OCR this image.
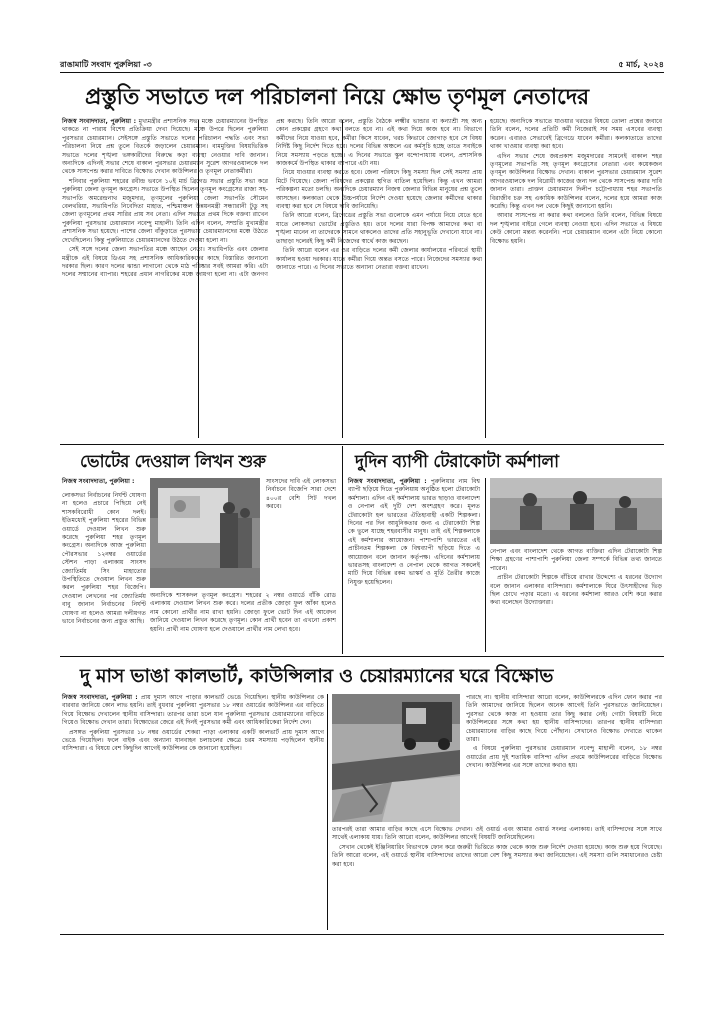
রাঙামাটি সংবাদ পুরুলিয়া -৩	৫ মার্চ, ২০২৪
প্রস্তুতি সভাতে দল পরিচালনা নিয়ে ক্ষোভ তৃণমূল নেতাদের

নিজস্ব সংবাদদাতা, পুরুলিয়া : মুখ্যমন্ত্রীর প্রশাসনিক সভা মঞ্চে চেয়ারম্যানের উপস্থিত থাকতে না পারায় বিশেষ প্রতিক্রিয়া দেখা দিয়েছে। মঞ্চে উপরে ছিলেন পুরুলিয়া পুরসভার চেয়ারম্যান। সেইসঙ্গে প্রস্তুতি সভাতে দলের পরিচালন পদ্ধতি এবং সভা পরিচালনা নিয়ে প্রশ্ন তুলে বিতর্কে জড়ালেন চেয়ারম্যান। বামমুক্তির বিষয়ভিত্তিক সভাতে দলের শৃঙ্খলা ভঙ্গকারীদের বিরুদ্ধে কড়া ব্যবস্থা নেওয়ার দাবি জানান। অন্যদিকে এদিনই সভার শেষে বাকাল পুরসভার চেয়ারম্যান সুরেশ আগরওয়ালকে দল থেকে সাসপেন্ড করার দাবিতে বিক্ষোভ দেখান কাউন্সিলর ও তৃণমূল নেতাকর্মীরা।

শনিবার পুরুলিয়া শহরের রবীন্দ্র ভবনে ১০ই মার্চ ব্রিগেড সভার প্রস্তুতি সভা করে পুরুলিয়া জেলা তৃণমূল কংগ্রেস। সভাতে উপস্থিত ছিলেন তৃণমূল কংগ্রেসের রাজ্য সহ-সভাপতি অমরেন্দ্রনাথ মজুমদার, তৃণমূলের পুরুলিয়া জেলা সভাপতি সৌমেন বেলথরিয়া, সভাধিপতি নিবেদিতা মাহাত, পশ্চিমাঞ্চল উন্নয়নমন্ত্রী সন্ধ্যারানী টুডু সহ জেলা তৃণমূলের প্রথম সারির প্রায় সব নেতা। এদিন সভাতে প্রথম দিকে বক্তব্য রাখেন পুরুলিয়া পুরসভার চেয়ারম্যান নবেন্দু মাহালী। তিনি এদিন বলেন, সম্প্রতি মুখ্যমন্ত্রীর প্রশাসনিক সভা হয়েছে। পাশের জেলা বাঁকুড়াতে পুরসভার চেয়ারম্যানদের মঞ্চে উঠতে দেখেছিলেন। কিন্তু পুরুলিয়াতে চেয়ারম্যানদের উঠতে দেওয়া হলো না।

সেই সঙ্গে দলের জেলা সভাপতির মঞ্চে আছেন নেতা। সভাধিপতি এবং জেলার মন্ত্রীকে এই বিষয়ে ডিএম সহ প্রশাসনিক আধিকারিকদের কাছে বিস্তারিত জানানো দরকার ছিল। কারণ দলের ঝান্ডা লাগানো থেকে মাঠ পরিষ্কার সবই আমরা করি। এটা দলের সম্মানের ব্যাপার। শহরের প্রধান নাগরিকের মঞ্চে জায়গা হলো না। এটা জনগণ প্রশ্ন করছে। তিনি আরো বলেন, প্রস্তুতি বৈঠকে লক্ষ্মীর ভান্ডার বা কন্যাশ্রী সহ অন্য কোন প্রকল্পের গ্রহণে কথা বলতে হবে না। এই কথা দিয়ে কাজ হবে না। বিভাগে কর্মীদের নিয়ে যাওয়া হবে, কর্মীরা কিসে যাবেন, খরচ কিভাবে জোগাড় হবে সে বিষয় নির্দিষ্ট কিছু নির্দেশ দিতে হবে। দলের বিভিন্ন অঞ্চলে এর কর্মসূচি হচ্ছে তাতে সবাইকে নিয়ে সমস্যায় পড়তে হচ্ছে। এ দিনের সভাতে স্কুল বন্দোপাধ্যায় বলেন, প্রশাসনিক কাজকর্মে উপস্থিত থাকার ব্যাপারে এটা নয়।

নিয়ে যাওয়ার ব্যবস্থা করতে হবে। জেলা পরিষদে কিছু সমস্যা ছিল সেই সমস্যা প্রায় মিটে গিয়েছে। জেলা পরিষদের প্রকল্পের স্থগিত বাতিল হয়েছিল। কিন্তু এখন আমরা পরিকল্পনা মতো চলছি। অন্যদিকে চেয়ারম্যান নিজস্ব জেলার বিভিন্ন মানুষের প্রশ্ন তুলে আসছেন। কলকাতা থেকে উচ্চপর্যায়ে নির্দেশ দেওয়া হয়েছে জেলার কর্মীদের থাকার ব্যবস্থা করা হবে সে বিষয়ে দাবি জানিয়েছি।

তিনি আরো বলেন, ব্রিগেডের প্রস্তুতি সভা গুলোকে এমন পর্যায়ে নিয়ে যেতে হবে যাতে লোকসভা ভোটের প্রস্তুতিও হয়। তবে দলের যারা বিপক্ষ আমাদের কথা বা শৃঙ্খলা মানেন না তাদেরকে সামনে থাকলেও তাদের প্রতি সহানুভূতি দেখানো যাবে না। তাছাড়া দলেরই কিছু কর্মী নিজেদের স্বার্থে কাজ করছেন।

তিনি আরো বলেন এর ওর বাড়িতে দলের কর্মী জেলার কার্যালয়ের পরিবর্তে স্থায়ী কার্যালয় হওয়া দরকার। যাতে কর্মীরা গিয়ে অন্তত বসতে পারে। নিজেদের সমস্যার কথা জানাতে পারে। এ দিনের সভাতে অন্যান্য নেতারা বক্তব্য রাখেন।

হয়েছে। অন্যদিকে সভাতে যাওয়ার খরচের বিষয়ে তোলা প্রশ্নের জবাবে তিনি বলেন, দলের প্রতিটি কর্মী নিজেরাই সব সময় এসবের ব্যবস্থা করেন। এবারও সেভাবেই ব্রিগেডে যাবেন কর্মীরা। কলকাতাতে তাদের থাকা খাওয়ার ব্যবস্থা করা হবে।

এদিন সভার শেষে জয়প্রকাশ মজুমদারের সামনেই বাকাল শহর তৃণমূলের সভাপতি সহ তৃণমূল কংগ্রেসের নেতারা এবং কয়েকজন তৃণমূল কাউন্সিলর বিক্ষোভ দেখান। বাকাল পুরসভার চেয়ারম্যান সুরেশ আগরওয়ালকে দল বিরোধী কাজের জন্য দল থেকে সাসপেন্ড করার দাবি জানান তারা। প্রাক্তন চেয়ারম্যান দিলীপ চট্টোপাধ্যায় শহর সভাপতি বিরাজীব চক্র সহ একাধিক কাউন্সিলর বলেন, দলের হয়ে আমরা কাজ করেছি। কিন্তু এখন দল থেকে কিছুই জানানো হয়নি।

আবার সাসপেন্ড না করার কথা বললেও তিনি বলেন, বিভিন্ন বিষয়ে দল শৃঙ্খলার বাইরে গেলে ব্যবস্থা নেওয়া হবে। এদিন সভাতে এ বিষয়ে কেউ কোনো মন্তব্য করেননি। পরে চেয়ারম্যান বলেন এটা নিয়ে কোনো বিক্ষোভ হয়নি।

ভোটের দেওয়াল লিখন শুরু

নিজস্ব সংবাদদাতা, পুরুলিয়া :

লোকসভা নির্বাচনের নির্ঘণ্ট ঘোষণা না হলেও প্রচারে পিছিয়ে নেই শাসকবিরোধী কোন দলই। ইতিমধ্যেই পুরুলিয়া শহরের বিভিন্ন ওয়ার্ডে দেওয়াল লিখন শুরু করেছে পুরুলিয়া শহর তৃণমূল কংগ্রেস। অন্যদিকে আজ পুরুলিয়া পৌরসভার ১২নম্বর ওয়ার্ডের স্টেশন পাড়া এলাকায় সাংসদ জ্যোতির্ময় সিং মাহাতোর উপস্থিতিতে দেওয়াল লিখন শুরু করল পুরুলিয়া শহর বিজেপি। দেওয়াল লেখনের পর জ্যোতির্ময় বাবু জানান নির্বাচনের নির্ঘণ্ট ঘোষণা না হলেও আমরা দলীয়গত ভাবে নির্বাচনের জন্য প্রস্তুত আছি।

সাংসদের দাবি এই লোকসভা নির্বাচনে বিজেপি সারা দেশে ৪০০র বেশি সিট দখল করবে।

অন্যদিকে শাসকদল তৃণমূল কংগ্রেস। শহরের ২ নম্বর ওয়ার্ডে বাঁকি রোড এলাকায় দেওয়াল লিখন শুরু করে। দলের প্রতীক জোড়া ফুল আঁকা হলেও নাম কোনো প্রার্থীর নাম রাখা হয়নি। জোড়া ফুলে ভোট দিন এই আবেদন জানিয়ে দেওয়াল লিখন করেছে তৃণমূল। কোন প্রার্থী হবেন তা এখনো প্রকাশ হয়নি। প্রার্থী নাম ঘোষণা হলে দেওয়ালে প্রার্থীর নাম লেখা হবে।

দুদিন ব্যাপী টেরাকোটা কর্মশালা

নিজস্ব সংবাদদাতা, পুরুলিয়া : পুরুলিয়ার নাম বিশ্ব ব্যাপী ছড়িয়ে দিতে পুরুলিয়ায় অনুষ্ঠিত হলো টেরাকোটা কর্মশালা। এদিন এই কর্মশালায় ভারত ছাড়াও বাংলাদেশ ও নেপাল এই দুটি দেশ অংশগ্রহণ করে। মূলত টেরাকোটা হল ভারতের ঐতিহ্যবাহী একটি শিল্পকলা। দিনের পর দিন আধুনিকতার জন্য এ টেরাকোটা শিল্প কে ভুলে যাচ্ছে শহরবাসীর মানুষ। তাই এই শিল্পকলাকে এই কর্মশালার আয়োজন। পাশাপাশি ভারতের এই প্রাচীনতম শিল্পকলা কে বিশ্বব্যাপী ছড়িয়ে দিতে এ আয়োজন বলে জানান কর্তৃপক্ষ। এদিনের কর্মশালায় ভারতসহ বাংলাদেশ ও নেপাল থেকে আগত সকলেই মাটি দিয়ে বিভিন্ন রকম ভাস্কর্য ও মূর্তি তৈরীর কাজে নিযুক্ত হয়েছিলেন।

নেপাল এবং বাংলাদেশ থেকে আগত ব্যক্তিরা এদিন টেরাকোটা শিল্প শিক্ষা গ্রহণের পাশাপাশি পুরুলিয়া জেলা সম্পর্কে বিভিন্ন তথ্য জানতে পারেন।

প্রাচীন টেরাকোটা শিল্পকে বাঁচিয়ে রাখার উদ্দেশ্যে এ ধরনের উদ্যোগ বলে জানান এলাকার বাসিন্দারা। কর্মশালাকে ঘিরে উৎসাহীদের ভিড় ছিল চোখে পড়ার মতো। এ ধরনের কর্মশালা আরও বেশি করে করার কথা বলেছেন উদ্যোক্তারা।

দু মাস ভাঙা কালভার্ট, কাউন্সিলার ও চেয়ারম্যানের ঘরে বিক্ষোভ

নিজস্ব সংবাদদাতা, পুরুলিয়া : প্রায় দুমাস আগে পাড়ার কালভার্ট ভেঙে গিয়েছিল। স্থানীয় কাউন্সিলর কে বারবার জানিয়ে কোন লাভ হয়নি। তাই বুধবার পুরুলিয়া পুরসভার ১৮ নম্বর ওয়ার্ডের কাউন্সিলর এর বাড়িতে গিয়ে বিক্ষোভ দেখালেন স্থানীয় বাসিন্দারা। তারপর তারা চলে যান পুরুলিয়া পুরসভার চেয়ারম্যানের বাড়িতে গিয়েও বিক্ষোভ দেখান তারা। বিক্ষোভের জেরে এই দিনই পুরসভার কর্মী এবং আধিকারিকেরা নির্দেশ দেন।

প্রসঙ্গত পুরুলিয়া পুরসভার ১৮ নম্বর ওয়ার্ডের শেকরা পাড়া এলাকার একটি কালভার্ট প্রায় দুমাস আগে ভেঙে গিয়েছিল। ফলে বাইক এবং অন্যান্য যানবাহন চলাচলের ক্ষেত্রে চরম সমস্যায় পড়ছিলেন স্থানীয় বাসিন্দারা। এ বিষয়ে বেশ কিছুদিন আগেই কাউন্সিলর কে জানানো হয়েছিল।

পারছে না। স্থানীয় বাসিন্দারা আরো বলেন, কাউন্সিলরকে এদিন ফোন করার পর তিনি আমাদের জানিয়ে ছিলেন অনেক আগেই তিনি পুরসভাতে জানিয়েছেন। পুরসভা থেকে কাজ না হওয়ায় তার কিছু করার নেই। গোটা বিষয়টি নিয়ে কাউন্সিলরের সঙ্গে কথা হয় স্থানীয় বাসিন্দাদের। তারপর স্থানীয় বাসিন্দারা চেয়ারম্যানের বাড়ির কাছে গিয়ে পৌঁছান। সেখানেও বিক্ষোভ দেখাতে থাকেন তারা।

এ বিষয়ে পুরুলিয়া পুরসভার চেয়ারম্যান নবেন্দু মাহালী বলেন, ১৮ নম্বর ওয়ার্ডের প্রায় দুই শতাধিক বাসিন্দা এদিন প্রথমে কাউন্সিলরের বাড়িতে বিক্ষোভ দেখান। কাউন্সিলর এর সঙ্গে তাদের কথাও হয়।

তারপরই তারা আমার বাড়ির কাছে এসে বিক্ষোভ দেখান। ওই ওয়ার্ড এবং আমার ওয়ার্ড সংলগ্ন এলাকায়। তাই বাসিন্দাদের সঙ্গে সাথে সাথেই এলাকায় যায়। তিনি আরো বলেন, কাউন্সিলর আগেই বিষয়টি জানিয়েছিলেন।

সেখান থেকেই ইঞ্জিনিয়ারিং বিভাগকে ফোন করে জরুরী ভিত্তিতে কাজ থেকে কাজ শুরু নির্দেশ দেওয়া হয়েছে। কাজ শুরু হয়ে গিয়েছে। তিনি আরো বলেন, এই ওয়ার্ডে স্থানীয় বাসিন্দাদের তাদের আরো বেশ কিছু সমস্যার কথা জানিয়েছেন। এই সমস্যা গুলি সমাধানেরও চেষ্টা করা হবে।
